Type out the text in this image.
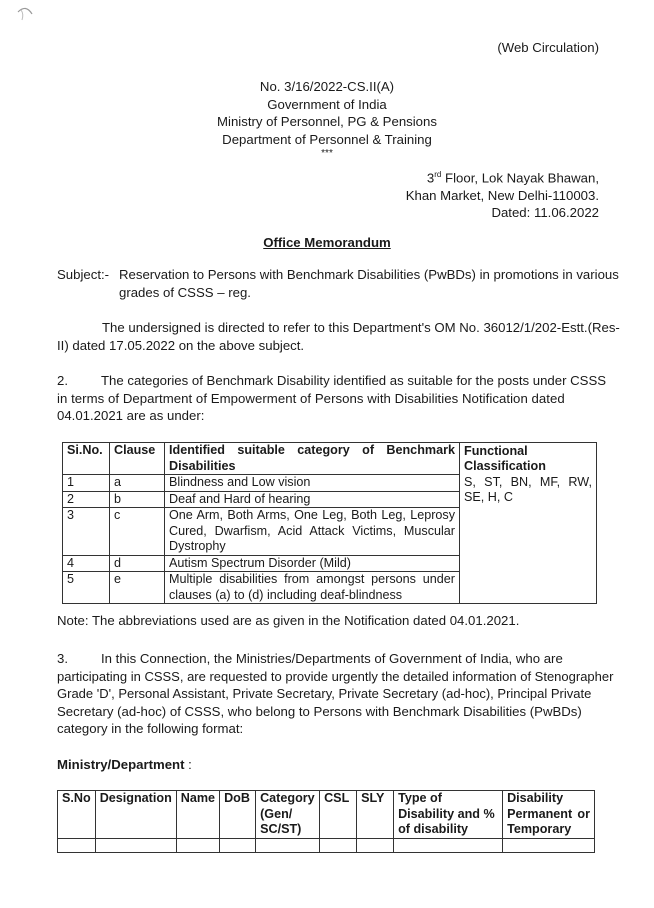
(Web Circulation)
No. 3/16/2022-CS.II(A)
Government of India
Ministry of Personnel, PG & Pensions
Department of Personnel & Training
***
3rd Floor, Lok Nayak Bhawan,
Khan Market, New Delhi-110003.
Dated: 11.06.2022
Office Memorandum
Subject:- Reservation to Persons with Benchmark Disabilities (PwBDs) in promotions in various
grades of CSSS – reg.
The undersigned is directed to refer to this Department's OM No. 36012/1/202-Estt.(Res-
II) dated 17.05.2022 on the above subject.
2.	The categories of Benchmark Disability identified as suitable for the posts under CSSS
in terms of Department of Empowerment of Persons with Disabilities Notification dated
04.01.2021 are as under:
Si.No.	Clause	Identified suitable category of Benchmark Disabilities	Functional Classification
1	a	Blindness and Low vision	S, ST, BN, MF, RW, SE, H, C
2	b	Deaf and Hard of hearing	
3	c	One Arm, Both Arms, One Leg, Both Leg, Leprosy Cured, Dwarfism, Acid Attack Victims, Muscular Dystrophy	
4	d	Autism Spectrum Disorder (Mild)	
5	e	Multiple disabilities from amongst persons under clauses (a) to (d) including deaf-blindness	
Note: The abbreviations used are as given in the Notification dated 04.01.2021.
3.	In this Connection, the Ministries/Departments of Government of India, who are
participating in CSSS, are requested to provide urgently the detailed information of Stenographer
Grade 'D', Personal Assistant, Private Secretary, Private Secretary (ad-hoc), Principal Private
Secretary (ad-hoc) of CSSS, who belong to Persons with Benchmark Disabilities (PwBDs)
category in the following format:
Ministry/Department :
S.No	Designation	Name	DoB	Category (Gen/ SC/ST)	CSL	SLY	Type of Disability and % of disability	Disability Permanent or Temporary
